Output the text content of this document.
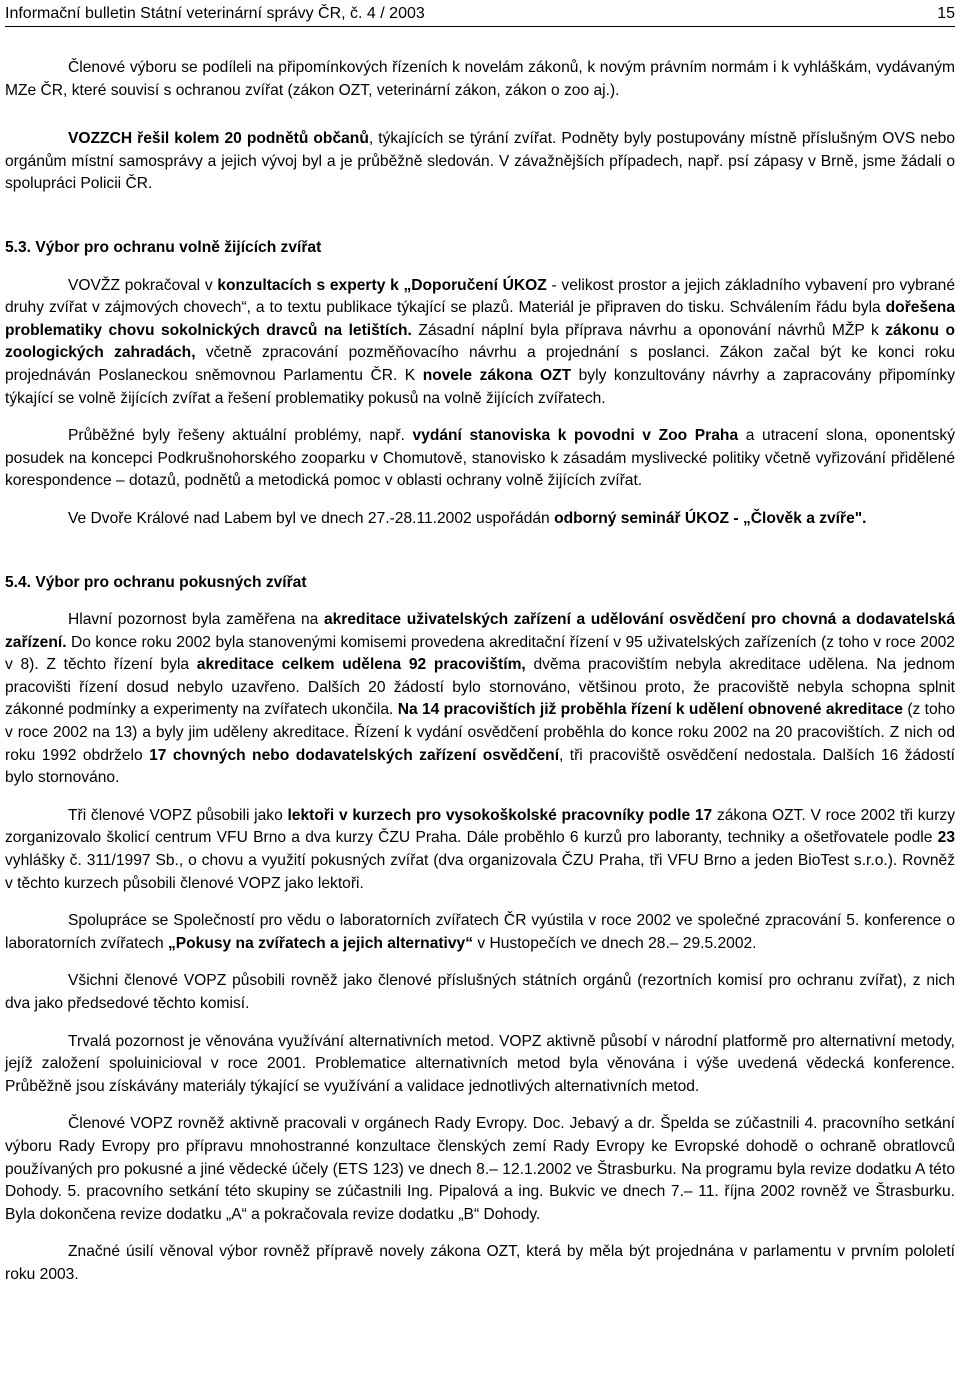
Informační bulletin Státní veterinární správy ČR, č. 4 / 2003	15

Členové výboru se podíleli na připomínkových řízeních k novelám zákonů, k novým právním normám i k vyhláškám, vydávaným MZe ČR, které souvisí s ochranou zvířat (zákon OZT, veterinární zákon, zákon o zoo aj.).

VOZZCH řešil kolem 20 podnětů občanů, týkajících se týrání zvířat. Podněty byly postupovány místně příslušným OVS nebo orgánům místní samosprávy a jejich vývoj byl a je průběžně sledován. V závažnějších případech, např. psí zápasy v Brně, jsme žádali o spolupráci Policii ČR.

5.3. Výbor pro ochranu volně žijících zvířat

VOVŽZ pokračoval v konzultacích s experty k „Doporučení ÚKOZ - velikost prostor a jejich základního vybavení pro vybrané druhy zvířat v zájmových chovech“, a to textu publikace týkající se plazů. Materiál je připraven do tisku. Schválením řádu byla dořešena problematiky chovu sokolnických dravců na letištích. Zásadní náplní byla příprava návrhu a oponování návrhů MŽP k zákonu o zoologických zahradách, včetně zpracování pozměňovacího návrhu a projednání s poslanci. Zákon začal být ke konci roku projednáván Poslaneckou sněmovnou Parlamentu ČR. K novele zákona OZT byly konzultovány návrhy a zapracovány připomínky týkající se volně žijících zvířat a řešení problematiky pokusů na volně žijících zvířatech.

Průběžné byly řešeny aktuální problémy, např. vydání stanoviska k povodni v Zoo Praha a utracení slona, oponentský posudek na koncepci Podkrušnohorského zooparku v Chomutově, stanovisko k zásadám myslivecké politiky včetně vyřizování přidělené korespondence – dotazů, podnětů a metodická pomoc v oblasti ochrany volně žijících zvířat.

Ve Dvoře Králové nad Labem byl ve dnech 27.-28.11.2002 uspořádán odborný seminář ÚKOZ - „Člověk a zvíře".

5.4. Výbor pro ochranu pokusných zvířat

Hlavní pozornost byla zaměřena na akreditace uživatelských zařízení a udělování osvědčení pro chovná a dodavatelská zařízení. Do konce roku 2002 byla stanovenými komisemi provedena akreditační řízení v 95 uživatelských zařízeních (z toho v roce 2002 v 8). Z těchto řízení byla akreditace celkem udělena 92 pracovištím, dvěma pracovištím nebyla akreditace udělena. Na jednom pracovišti řízení dosud nebylo uzavřeno. Dalších 20 žádostí bylo stornováno, většinou proto, že pracoviště nebyla schopna splnit zákonné podmínky a experimenty na zvířatech ukončila. Na 14 pracovištích již proběhla řízení k udělení obnovené akreditace (z toho v roce 2002 na 13) a byly jim uděleny akreditace. Řízení k vydání osvědčení proběhla do konce roku 2002 na 20 pracovištích. Z nich od roku 1992 obdrželo 17 chovných nebo dodavatelských zařízení osvědčení, tři pracoviště osvědčení nedostala. Dalších 16 žádostí bylo stornováno.

Tři členové VOPZ působili jako lektoři v kurzech pro vysokoškolské pracovníky podle 17 zákona OZT. V roce 2002 tři kurzy zorganizovalo školicí centrum VFU Brno a dva kurzy ČZU Praha. Dále proběhlo 6 kurzů pro laboranty, techniky a ošetřovatele podle 23 vyhlášky č. 311/1997 Sb., o chovu a využití pokusných zvířat (dva organizovala ČZU Praha, tři VFU Brno a jeden BioTest s.r.o.). Rovněž v těchto kurzech působili členové VOPZ jako lektoři.

Spolupráce se Společností pro vědu o laboratorních zvířatech ČR vyústila v roce 2002 ve společné zpracování 5. konference o laboratorních zvířatech „Pokusy na zvířatech a jejich alternativy“ v Hustopečích ve dnech 28.– 29.5.2002.

Všichni členové VOPZ působili rovněž jako členové příslušných státních orgánů (rezortních komisí pro ochranu zvířat), z nich dva jako předsedové těchto komisí.

Trvalá pozornost je věnována využívání alternativních metod. VOPZ aktivně působí v národní platformě pro alternativní metody, jejíž založení spoluinicioval v roce 2001. Problematice alternativních metod byla věnována i výše uvedená vědecká konference. Průběžně jsou získávány materiály týkající se využívání a validace jednotlivých alternativních metod.

Členové VOPZ rovněž aktivně pracovali v orgánech Rady Evropy. Doc. Jebavý a dr. Špelda se zúčastnili 4. pracovního setkání výboru Rady Evropy pro přípravu mnohostranné konzultace členských zemí Rady Evropy ke Evropské dohodě o ochraně obratlovců používaných pro pokusné a jiné vědecké účely (ETS 123) ve dnech 8.– 12.1.2002 ve Štrasburku. Na programu byla revize dodatku A této Dohody. 5. pracovního setkání této skupiny se zúčastnili Ing. Pipalová a ing. Bukvic ve dnech 7.– 11. října 2002 rovněž ve Štrasburku. Byla dokončena revize dodatku „A“ a pokračovala revize dodatku „B“ Dohody.

Značné úsilí věnoval výbor rovněž přípravě novely zákona OZT, která by měla být projednána v parlamentu v prvním pololetí roku 2003.
